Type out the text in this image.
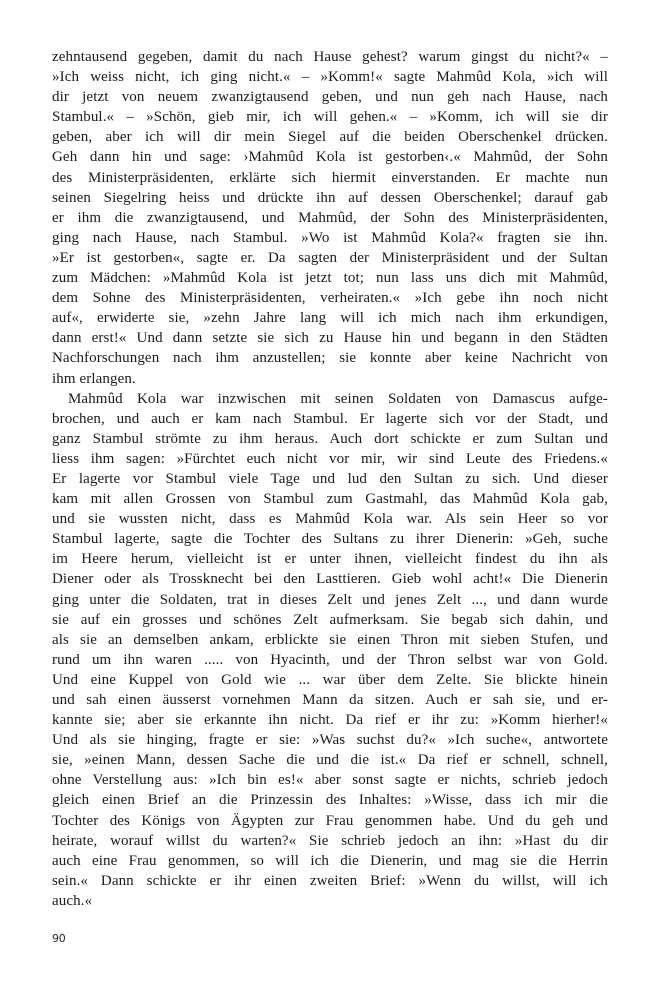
zehntausend gegeben, damit du nach Hause gehest? warum gingst du nicht?« –
»Ich weiss nicht, ich ging nicht.« – »Komm!« sagte Mahmûd Kola, »ich will
dir jetzt von neuem zwanzigtausend geben, und nun geh nach Hause, nach
Stambul.« – »Schön, gieb mir, ich will gehen.« – »Komm, ich will sie dir
geben, aber ich will dir mein Siegel auf die beiden Oberschenkel drücken.
Geh dann hin und sage: ›Mahmûd Kola ist gestorben‹.« Mahmûd, der Sohn
des Ministerpräsidenten, erklärte sich hiermit einverstanden. Er machte nun
seinen Siegelring heiss und drückte ihn auf dessen Oberschenkel; darauf gab
er ihm die zwanzigtausend, und Mahmûd, der Sohn des Ministerpräsidenten,
ging nach Hause, nach Stambul. »Wo ist Mahmûd Kola?« fragten sie ihn.
»Er ist gestorben«, sagte er. Da sagten der Ministerpräsident und der Sultan
zum Mädchen: »Mahmûd Kola ist jetzt tot; nun lass uns dich mit Mahmûd,
dem Sohne des Ministerpräsidenten, verheiraten.« »Ich gebe ihn noch nicht
auf«, erwiderte sie, »zehn Jahre lang will ich mich nach ihm erkundigen,
dann erst!« Und dann setzte sie sich zu Hause hin und begann in den Städten
Nachforschungen nach ihm anzustellen; sie konnte aber keine Nachricht von
ihm erlangen.
Mahmûd Kola war inzwischen mit seinen Soldaten von Damascus aufge-
brochen, und auch er kam nach Stambul. Er lagerte sich vor der Stadt, und
ganz Stambul strömte zu ihm heraus. Auch dort schickte er zum Sultan und
liess ihm sagen: »Fürchtet euch nicht vor mir, wir sind Leute des Friedens.«
Er lagerte vor Stambul viele Tage und lud den Sultan zu sich. Und dieser
kam mit allen Grossen von Stambul zum Gastmahl, das Mahmûd Kola gab,
und sie wussten nicht, dass es Mahmûd Kola war. Als sein Heer so vor
Stambul lagerte, sagte die Tochter des Sultans zu ihrer Dienerin: »Geh, suche
im Heere herum, vielleicht ist er unter ihnen, vielleicht findest du ihn als
Diener oder als Trossknecht bei den Lasttieren. Gieb wohl acht!« Die Dienerin
ging unter die Soldaten, trat in dieses Zelt und jenes Zelt ..., und dann wurde
sie auf ein grosses und schönes Zelt aufmerksam. Sie begab sich dahin, und
als sie an demselben ankam, erblickte sie einen Thron mit sieben Stufen, und
rund um ihn waren ..... von Hyacinth, und der Thron selbst war von Gold.
Und eine Kuppel von Gold wie ... war über dem Zelte. Sie blickte hinein
und sah einen äusserst vornehmen Mann da sitzen. Auch er sah sie, und er-
kannte sie; aber sie erkannte ihn nicht. Da rief er ihr zu: »Komm hierher!«
Und als sie hinging, fragte er sie: »Was suchst du?« »Ich suche«, antwortete
sie, »einen Mann, dessen Sache die und die ist.« Da rief er schnell, schnell,
ohne Verstellung aus: »Ich bin es!« aber sonst sagte er nichts, schrieb jedoch
gleich einen Brief an die Prinzessin des Inhaltes: »Wisse, dass ich mir die
Tochter des Königs von Ägypten zur Frau genommen habe. Und du geh und
heirate, worauf willst du warten?« Sie schrieb jedoch an ihn: »Hast du dir
auch eine Frau genommen, so will ich die Dienerin, und mag sie die Herrin
sein.« Dann schickte er ihr einen zweiten Brief: »Wenn du willst, will ich
auch.«
90
